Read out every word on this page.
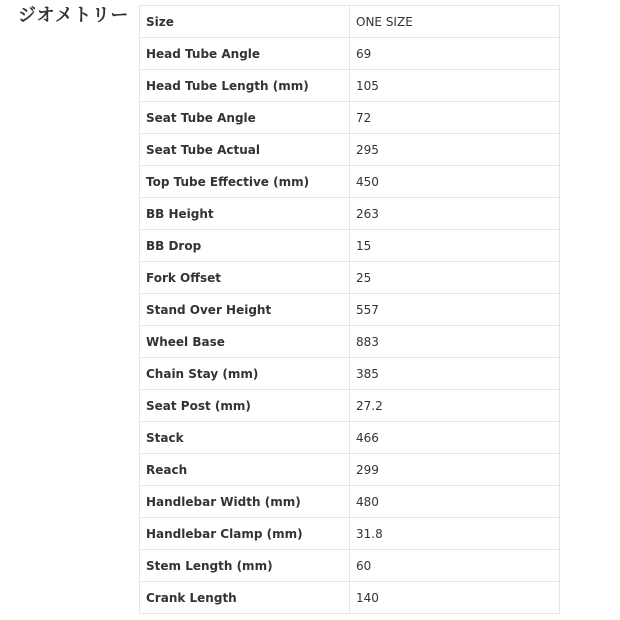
ジオメトリー Size	ONE SIZE
Head Tube Angle	69
Head Tube Length (mm)	105
Seat Tube Angle	72
Seat Tube Actual	295
Top Tube Effective (mm)	450
BB Height	263
BB Drop	15
Fork Offset	25
Stand Over Height	557
Wheel Base	883
Chain Stay (mm)	385
Seat Post (mm)	27.2
Stack	466
Reach	299
Handlebar Width (mm)	480
Handlebar Clamp (mm)	31.8
Stem Length (mm)	60
Crank Length	140
